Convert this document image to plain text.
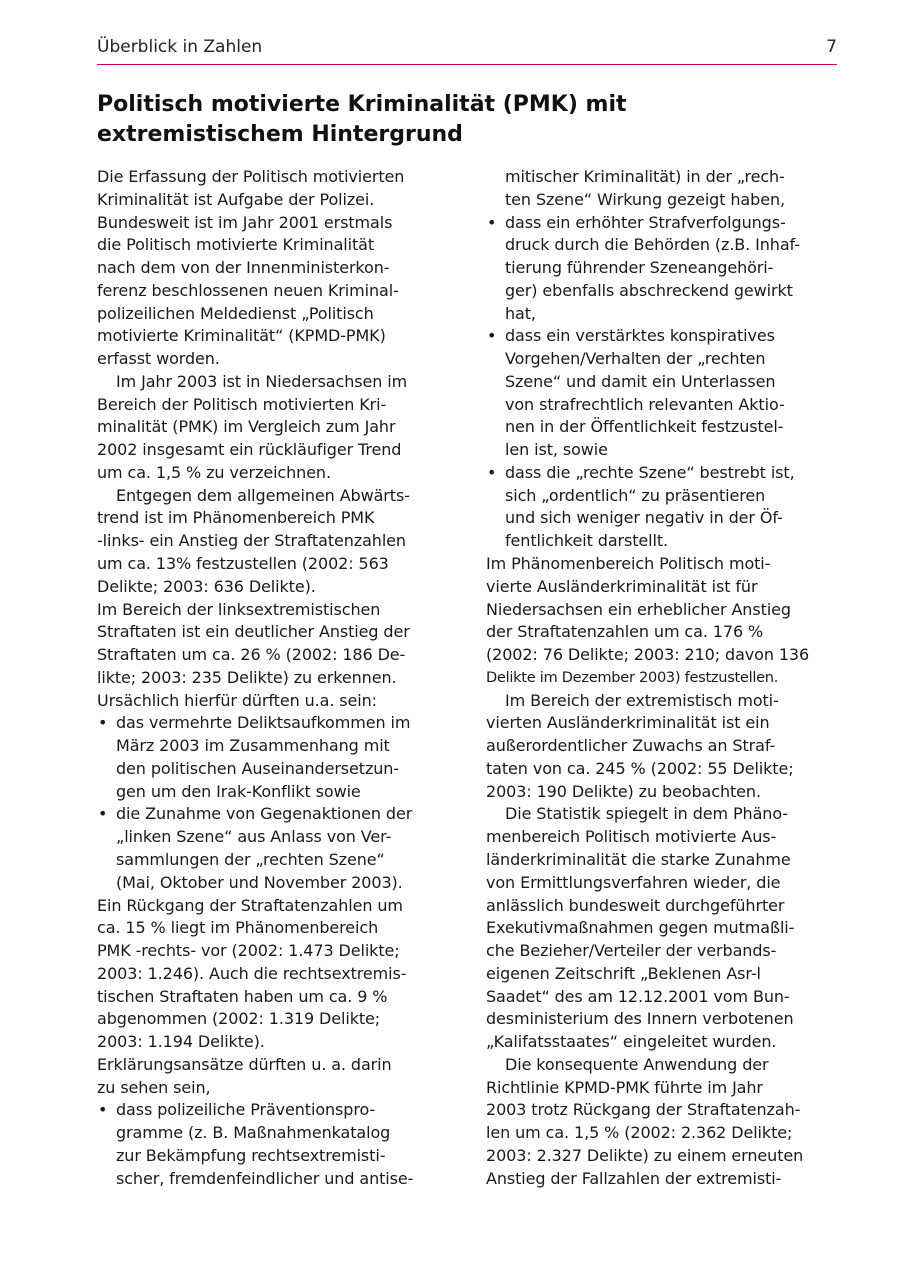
Überblick in Zahlen	7
Politisch motivierte Kriminalität (PMK) mit
extremistischem Hintergrund
Die Erfassung der Politisch motivierten
Kriminalität ist Aufgabe der Polizei.
Bundesweit ist im Jahr 2001 erstmals
die Politisch motivierte Kriminalität
nach dem von der Innenministerkon-
ferenz beschlossenen neuen Kriminal-
polizeilichen Meldedienst „Politisch
motivierte Kriminalität“ (KPMD-PMK)
erfasst worden.
Im Jahr 2003 ist in Niedersachsen im
Bereich der Politisch motivierten Kri-
minalität (PMK) im Vergleich zum Jahr
2002 insgesamt ein rückläufiger Trend
um ca. 1,5 % zu verzeichnen.
Entgegen dem allgemeinen Abwärts-
trend ist im Phänomenbereich PMK
-links- ein Anstieg der Straftatenzahlen
um ca. 13% festzustellen (2002: 563
Delikte; 2003: 636 Delikte).
Im Bereich der linksextremistischen
Straftaten ist ein deutlicher Anstieg der
Straftaten um ca. 26 % (2002: 186 De-
likte; 2003: 235 Delikte) zu erkennen.
Ursächlich hierfür dürften u.a. sein:
• das vermehrte Deliktsaufkommen im
März 2003 im Zusammenhang mit
den politischen Auseinandersetzun-
gen um den Irak-Konflikt sowie
• die Zunahme von Gegenaktionen der
„linken Szene“ aus Anlass von Ver-
sammlungen der „rechten Szene“
(Mai, Oktober und November 2003).
Ein Rückgang der Straftatenzahlen um
ca. 15 % liegt im Phänomenbereich
PMK -rechts- vor (2002: 1.473 Delikte;
2003: 1.246). Auch die rechtsextremis-
tischen Straftaten haben um ca. 9 %
abgenommen (2002: 1.319 Delikte;
2003: 1.194 Delikte).
Erklärungsansätze dürften u. a. darin
zu sehen sein,
• dass polizeiliche Präventionspro-
gramme (z. B. Maßnahmenkatalog
zur Bekämpfung rechtsextremisti-
scher, fremdenfeindlicher und antise-
mitischer Kriminalität) in der „rech-
ten Szene“ Wirkung gezeigt haben,
• dass ein erhöhter Strafverfolgungs-
druck durch die Behörden (z.B. Inhaf-
tierung führender Szeneangehöri-
ger) ebenfalls abschreckend gewirkt
hat,
• dass ein verstärktes konspiratives
Vorgehen/Verhalten der „rechten
Szene“ und damit ein Unterlassen
von strafrechtlich relevanten Aktio-
nen in der Öffentlichkeit festzustel-
len ist, sowie
• dass die „rechte Szene“ bestrebt ist,
sich „ordentlich“ zu präsentieren
und sich weniger negativ in der Öf-
fentlichkeit darstellt.
Im Phänomenbereich Politisch moti-
vierte Ausländerkriminalität ist für
Niedersachsen ein erheblicher Anstieg
der Straftatenzahlen um ca. 176 %
(2002: 76 Delikte; 2003: 210; davon 136
Delikte im Dezember 2003) festzustellen.
Im Bereich der extremistisch moti-
vierten Ausländerkriminalität ist ein
außerordentlicher Zuwachs an Straf-
taten von ca. 245 % (2002: 55 Delikte;
2003: 190 Delikte) zu beobachten.
Die Statistik spiegelt in dem Phäno-
menbereich Politisch motivierte Aus-
länderkriminalität die starke Zunahme
von Ermittlungsverfahren wieder, die
anlässlich bundesweit durchgeführter
Exekutivmaßnahmen gegen mutmaßli-
che Bezieher/Verteiler der verbands-
eigenen Zeitschrift „Beklenen Asr-l
Saadet“ des am 12.12.2001 vom Bun-
desministerium des Innern verbotenen
„Kalifatsstaates“ eingeleitet wurden.
Die konsequente Anwendung der
Richtlinie KPMD-PMK führte im Jahr
2003 trotz Rückgang der Straftatenzah-
len um ca. 1,5 % (2002: 2.362 Delikte;
2003: 2.327 Delikte) zu einem erneuten
Anstieg der Fallzahlen der extremisti-
